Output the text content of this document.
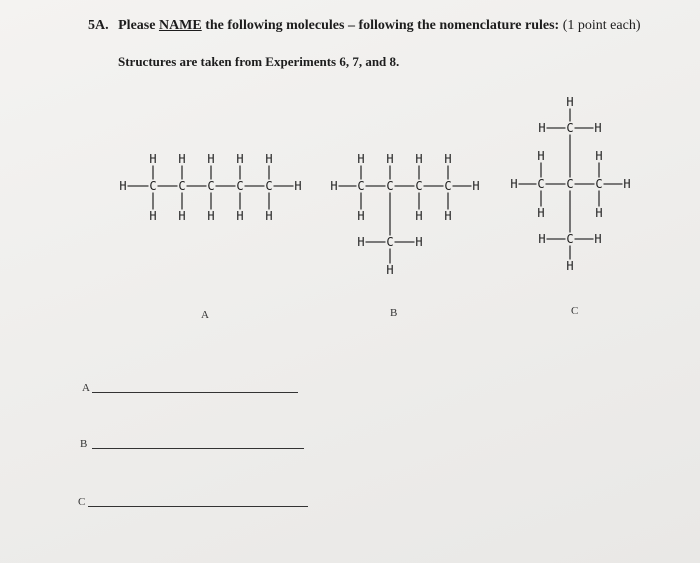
5A. Please NAME the following molecules – following the nomenclature rules: (1 point each)
Structures are taken from Experiments 6, 7, and 8.
H C
H
H
C
H
H
C
H
H
C
H
H
C
H
H
H H C
H
H
C
H
C
H
H
C
H
H
H
C
H	H
H
H C
H
H
C C
H
H
H
C
H	H
H
C
H	H
H
A	B	C
A
B
C
